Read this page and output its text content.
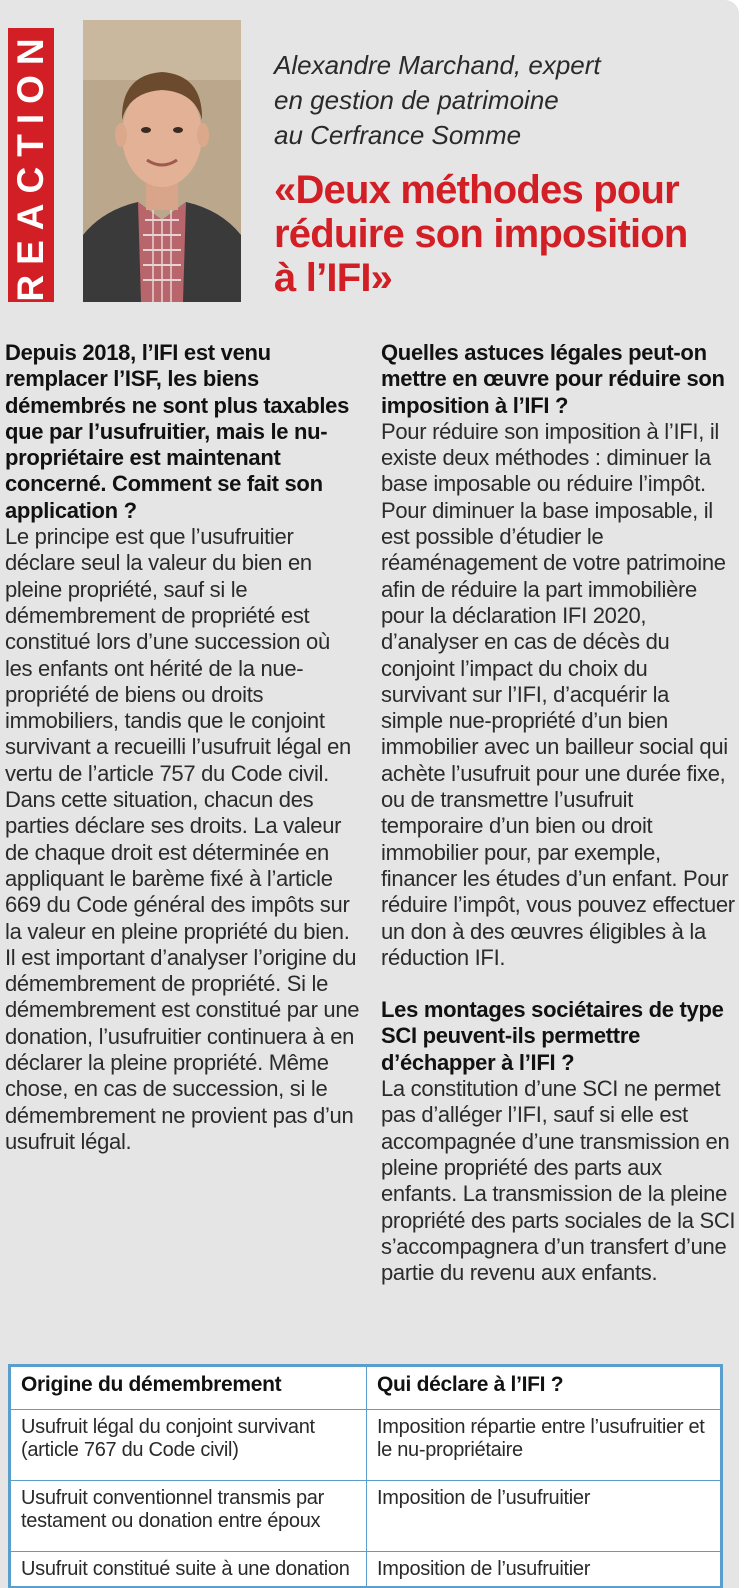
REACTION	Alexandre Marchand, expert
en gestion de patrimoine
au Cerfrance Somme
«Deux méthodes pour
réduire son imposition
à l’IFI»

Depuis 2018, l’IFI est venu remplacer l’ISF, les biens démembrés ne sont plus taxables que par l’usufruitier, mais le nu-propriétaire est maintenant concerné. Comment se fait son application ?

Le principe est que l’usufruitier déclare seul la valeur du bien en pleine propriété, sauf si le démembrement de propriété est constitué lors d’une succession où les enfants ont hérité de la nue-propriété de biens ou droits immobiliers, tandis que le conjoint survivant a recueilli l’usufruit légal en vertu de l’article 757 du Code civil. Dans cette situation, chacun des parties déclare ses droits. La valeur de chaque droit est déterminée en appliquant le barème fixé à l’article 669 du Code général des impôts sur la valeur en pleine propriété du bien.

Il est important d’analyser l’origine du démembrement de propriété. Si le démembrement est constitué par une donation, l’usufruitier continuera à en déclarer la pleine propriété. Même chose, en cas de succession, si le démembrement ne provient pas d’un usufruit légal.

Quelles astuces légales peut-on mettre en œuvre pour réduire son imposition à l’IFI ?

Pour réduire son imposition à l’IFI, il existe deux méthodes : diminuer la base imposable ou réduire l’impôt. Pour diminuer la base imposable, il est possible d’étudier le réaménagement de votre patrimoine afin de réduire la part immobilière pour la déclaration IFI 2020, d’analyser en cas de décès du conjoint l’impact du choix du survivant sur l’IFI, d’acquérir la simple nue-propriété d’un bien immobilier avec un bailleur social qui achète l’usufruit pour une durée fixe, ou de transmettre l’usufruit temporaire d’un bien ou droit immobilier pour, par exemple, financer les études d’un enfant. Pour réduire l’impôt, vous pouvez effectuer un don à des œuvres éligibles à la réduction IFI.

Les montages sociétaires de type SCI peuvent-ils permettre d’échapper à l’IFI ?

La constitution d’une SCI ne permet pas d’alléger l’IFI, sauf si elle est accompagnée d’une transmission en pleine propriété des parts aux enfants. La transmission de la pleine propriété des parts sociales de la SCI s’accompagnera d’un transfert d’une partie du revenu aux enfants.

Origine du démembrement	Qui déclare à l’IFI ?
Usufruit légal du conjoint survivant (article 767 du Code civil)	Imposition répartie entre l’usufruitier et le nu-propriétaire
Usufruit conventionnel transmis par testament ou donation entre époux	Imposition de l’usufruitier
Usufruit constitué suite à une donation	Imposition de l’usufruitier
